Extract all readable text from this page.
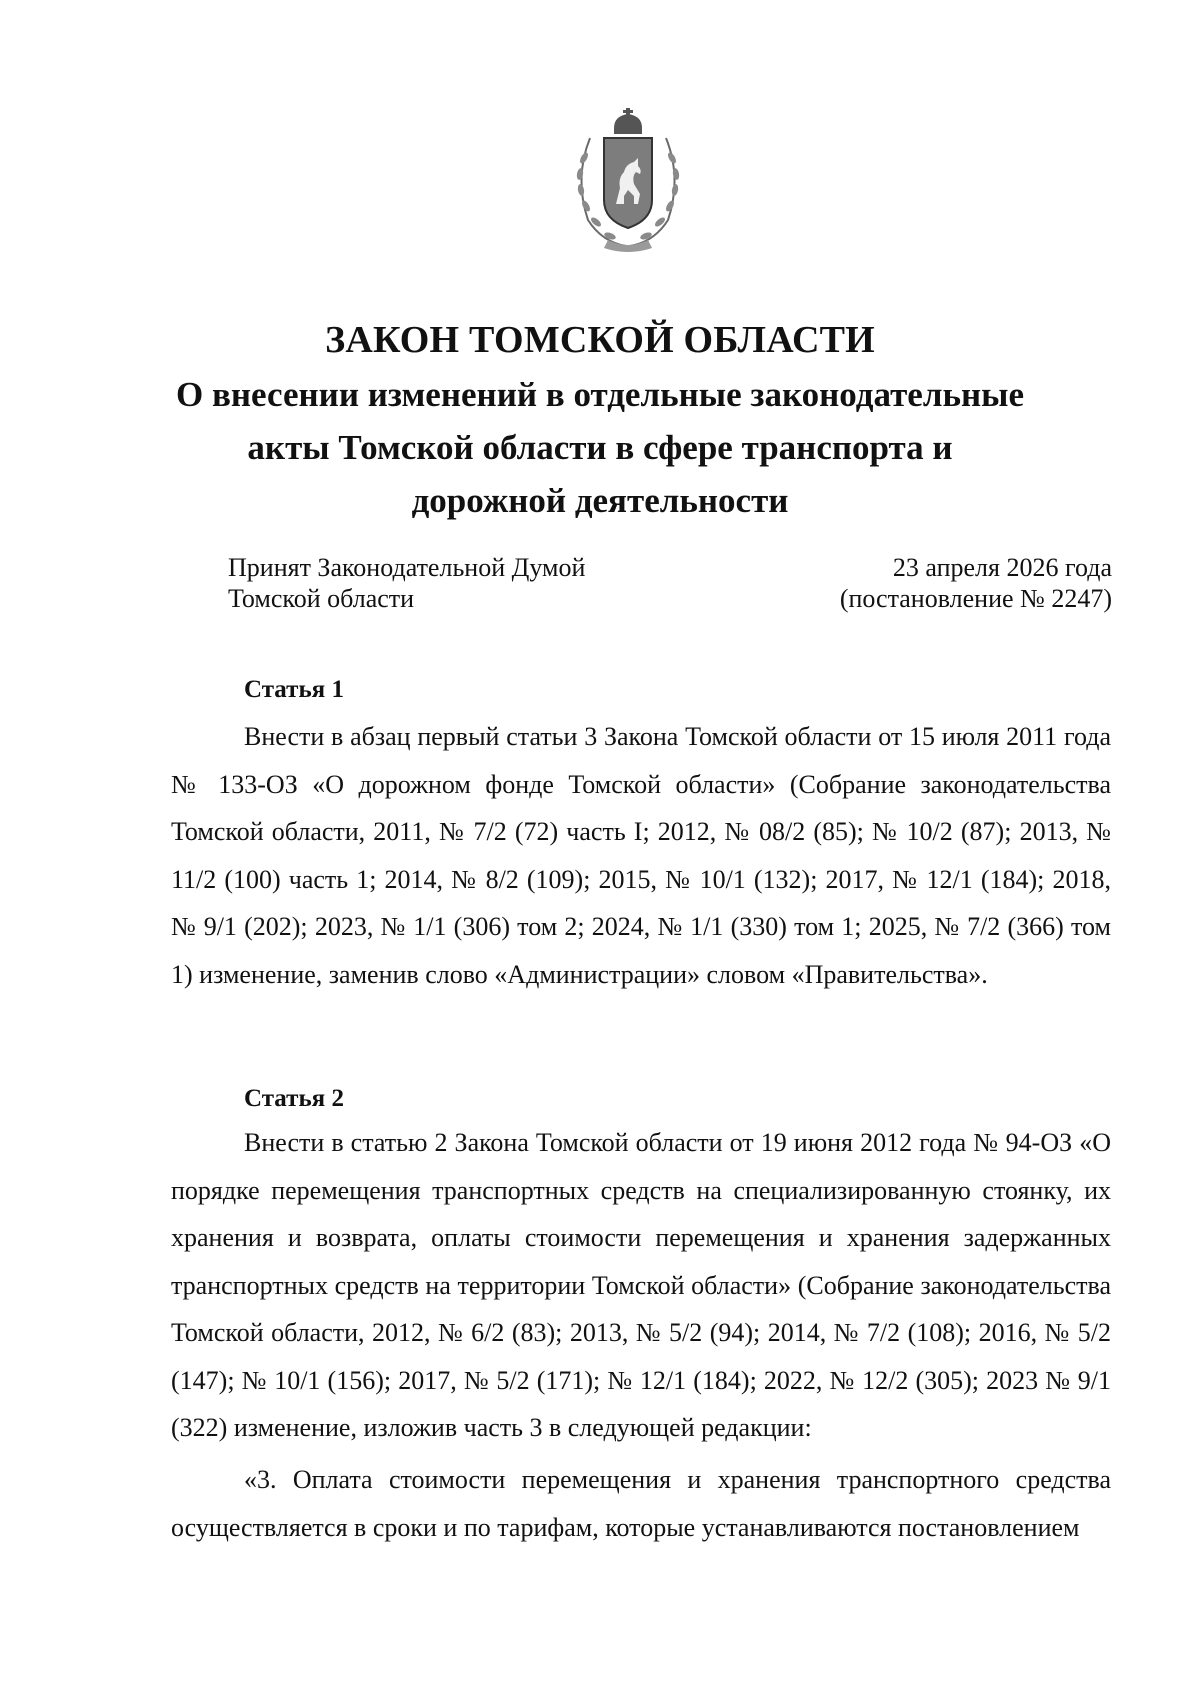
ЗАКОН ТОМСКОЙ ОБЛАСТИ
О внесении изменений в отдельные законодательные акты Томской области в сфере транспорта и дорожной деятельности
Принят Законодательной Думой
Томской области
23 апреля 2026 года
(постановление № 2247)
Статья 1

Внести в абзац первый статьи 3 Закона Томской области от 15 июля 2011 года № 133-ОЗ «О дорожном фонде Томской области» (Собрание законодательства Томской области, 2011, № 7/2 (72) часть I; 2012, № 08/2 (85); № 10/2 (87); 2013, № 11/2 (100) часть 1; 2014, № 8/2 (109); 2015, № 10/1 (132); 2017, № 12/1 (184); 2018, № 9/1 (202); 2023, № 1/1 (306) том 2; 2024, № 1/1 (330) том 1; 2025, № 7/2 (366) том 1) изменение, заменив слово «Администрации» словом «Правительства».

Статья 2

Внести в статью 2 Закона Томской области от 19 июня 2012 года № 94-ОЗ «О порядке перемещения транспортных средств на специализированную стоянку, их хранения и возврата, оплаты стоимости перемещения и хранения задержанных транспортных средств на территории Томской области» (Собрание законодательства Томской области, 2012, № 6/2 (83); 2013, № 5/2 (94); 2014, № 7/2 (108); 2016, № 5/2 (147); № 10/1 (156); 2017, № 5/2 (171); № 12/1 (184); 2022, № 12/2 (305); 2023 № 9/1 (322) изменение, изложив часть 3 в следующей редакции:

«3. Оплата стоимости перемещения и хранения транспортного средства осуществляется в сроки и по тарифам, которые устанавливаются постановлением
